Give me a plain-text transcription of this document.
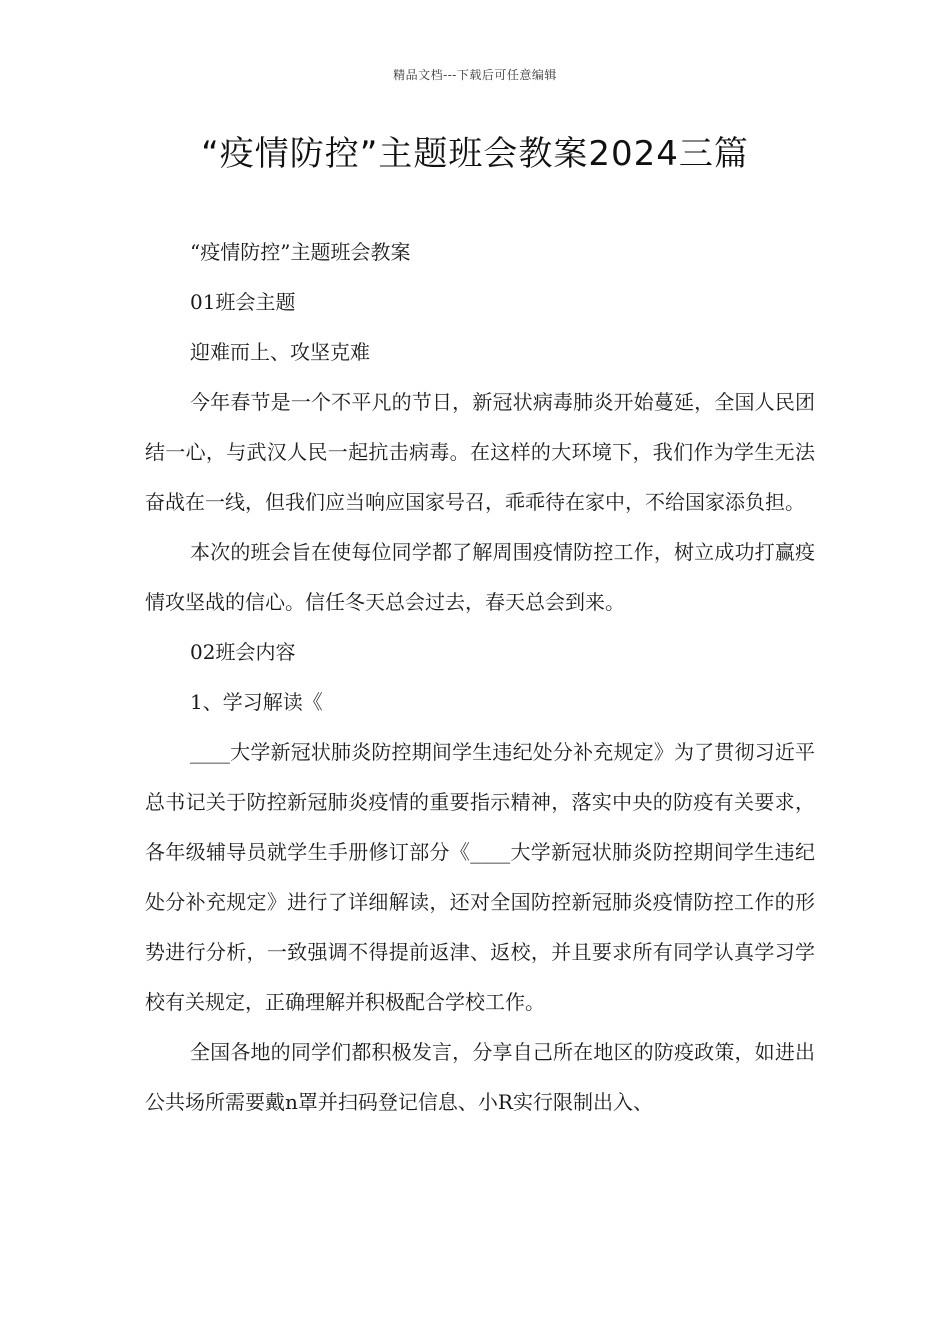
精品文档---下载后可任意编辑
“疫情防控”主题班会教案2024三篇

“疫情防控”主题班会教案

01班会主题

迎难而上、攻坚克难

今年春节是一个不平凡的节日，新冠状病毒肺炎开始蔓延，全国人民团结一心，与武汉人民一起抗击病毒。在这样的大环境下，我们作为学生无法奋战在一线，但我们应当响应国家号召，乖乖待在家中，不给国家添负担。

本次的班会旨在使每位同学都了解周围疫情防控工作，树立成功打赢疫情攻坚战的信心。信任冬天总会过去，春天总会到来。

02班会内容

1、学习解读《

____大学新冠状肺炎防控期间学生违纪处分补充规定》为了贯彻习近平总书记关于防控新冠肺炎疫情的重要指示精神，落实中央的防疫有关要求，各年级辅导员就学生手册修订部分《____大学新冠状肺炎防控期间学生违纪处分补充规定》进行了详细解读，还对全国防控新冠肺炎疫情防控工作的形势进行分析，一致强调不得提前返津、返校，并且要求所有同学认真学习学校有关规定，正确理解并积极配合学校工作。

全国各地的同学们都积极发言，分享自己所在地区的防疫政策，如进出公共场所需要戴n罩并扫码登记信息、小R实行限制出入、
